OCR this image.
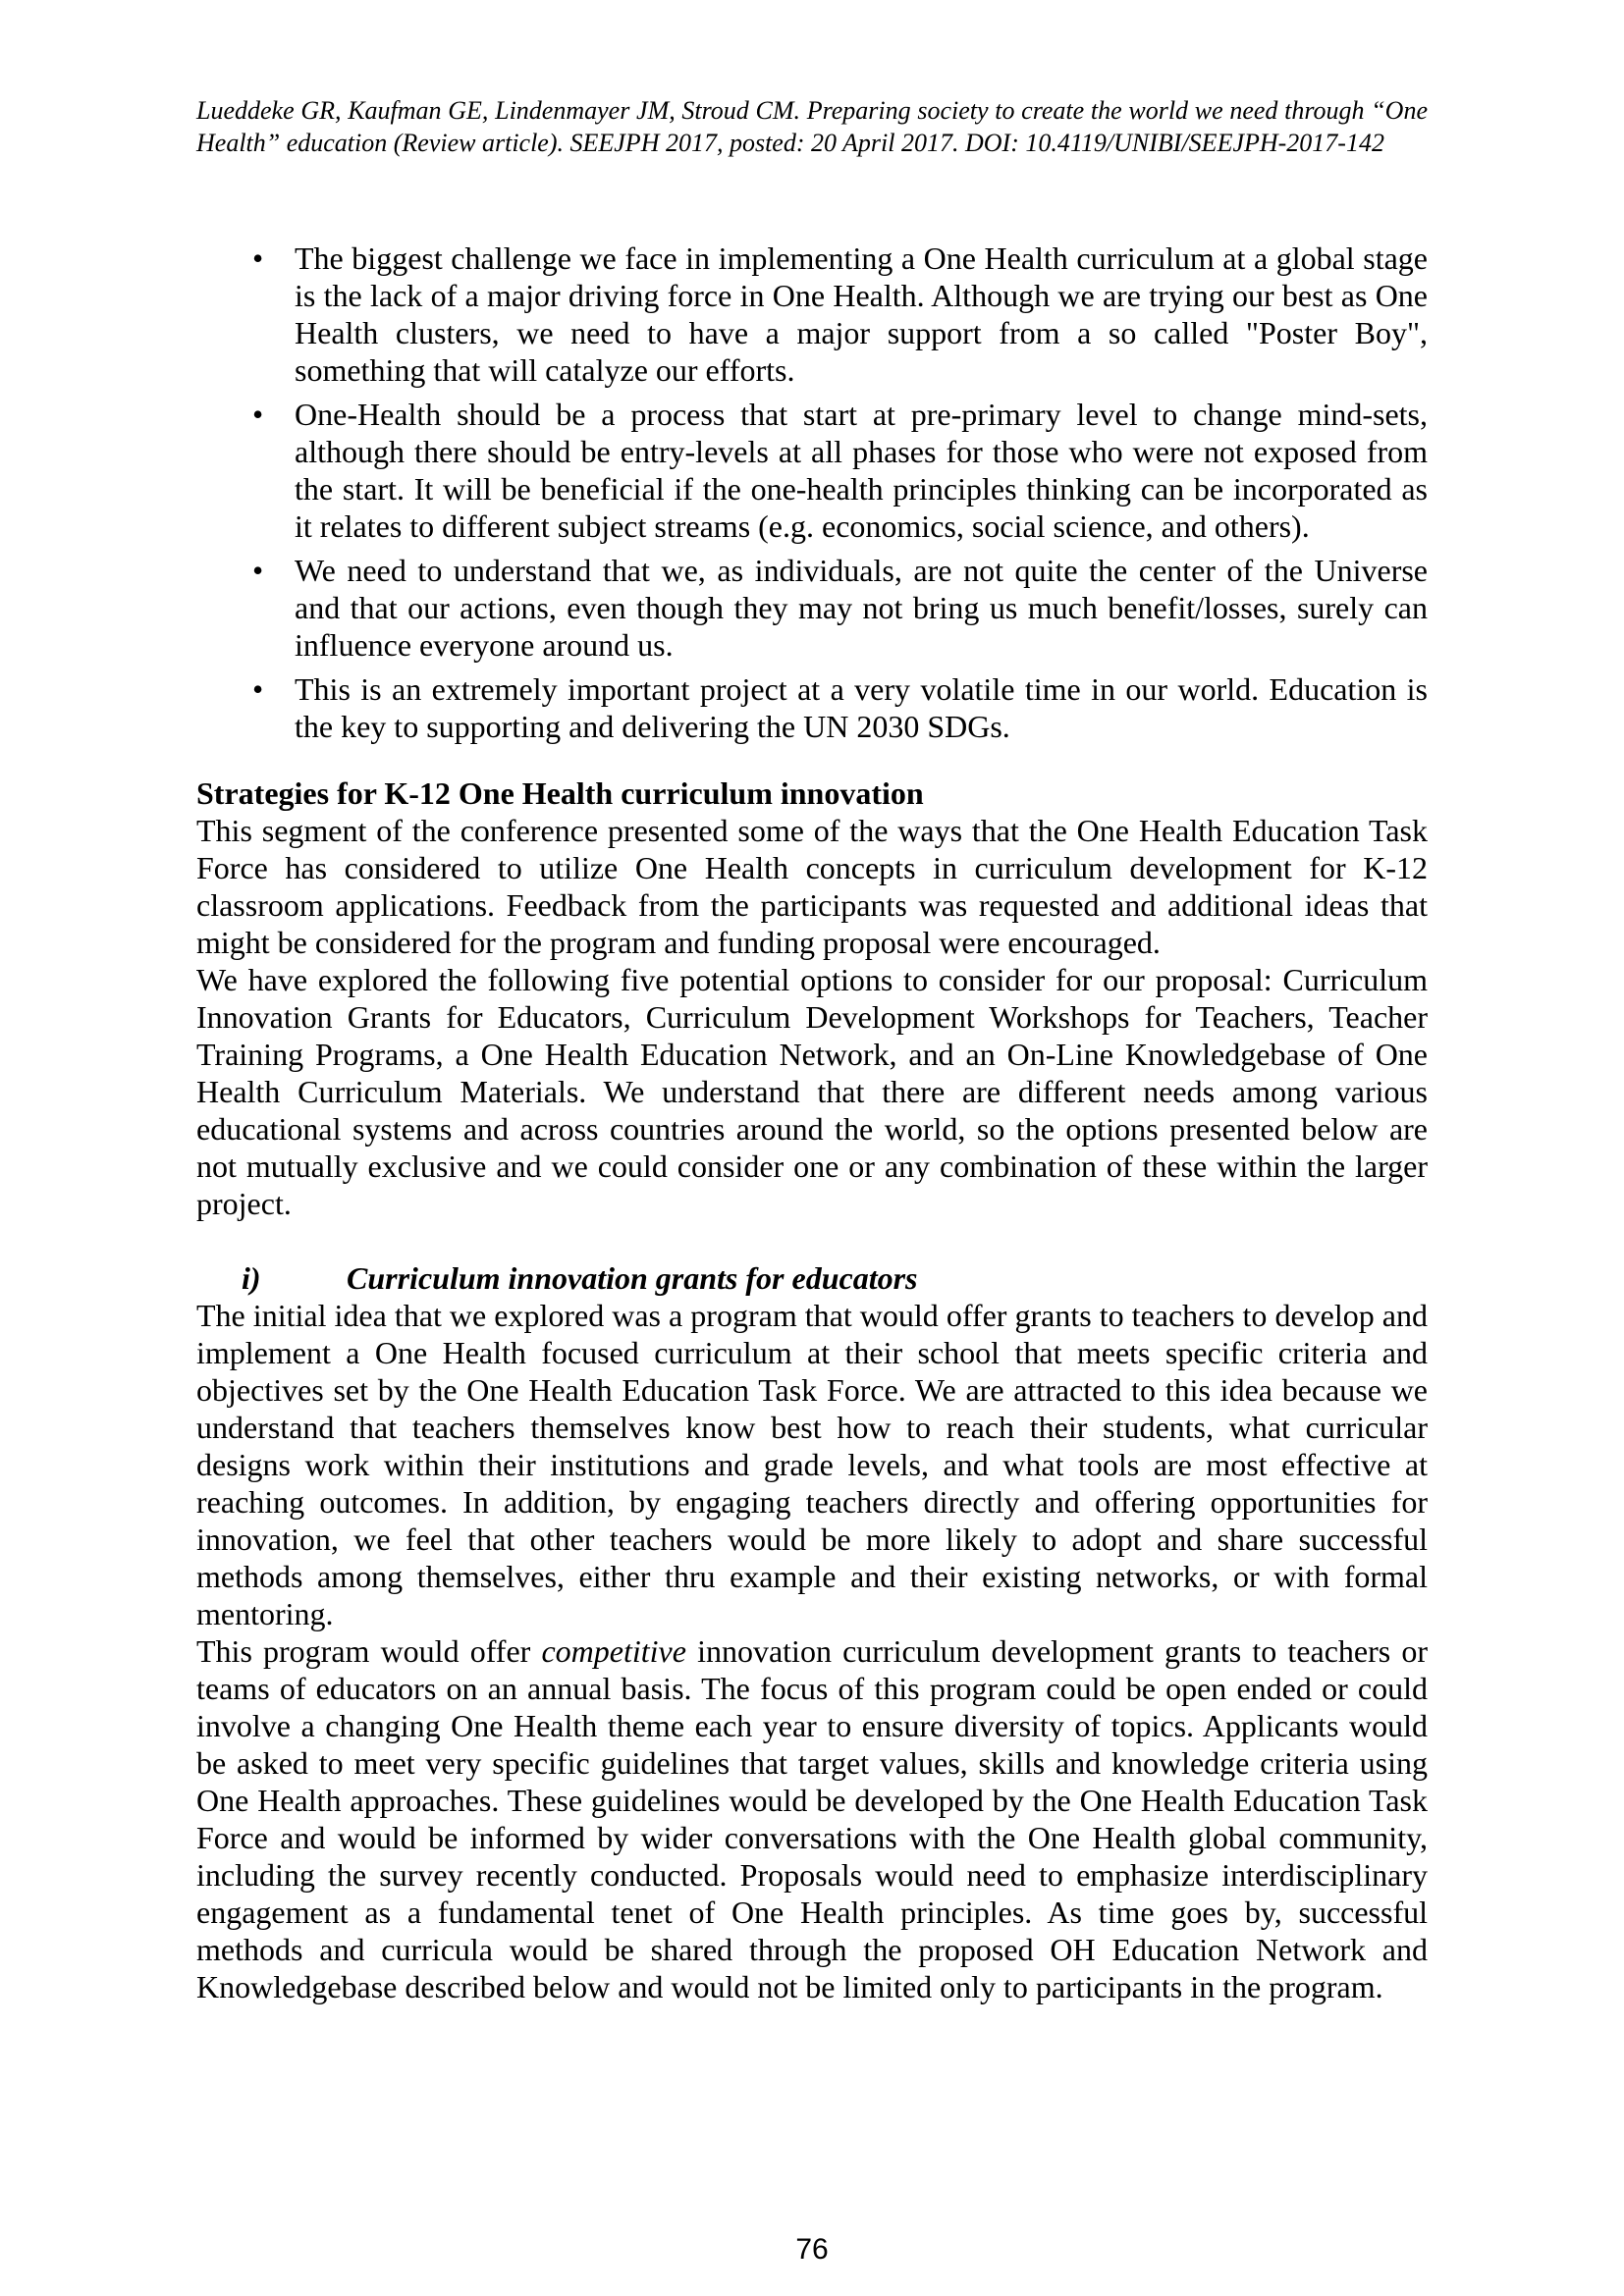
Lueddeke GR, Kaufman GE, Lindenmayer JM, Stroud CM. Preparing society to create the world we need through “One Health” education (Review article). SEEJPH 2017, posted: 20 April 2017. DOI: 10.4119/UNIBI/SEEJPH-2017-142

• The biggest challenge we face in implementing a One Health curriculum at a global stage is the lack of a major driving force in One Health. Although we are trying our best as One Health clusters, we need to have a major support from a so called "Poster Boy", something that will catalyze our efforts.
• One-Health should be a process that start at pre-primary level to change mind-sets, although there should be entry-levels at all phases for those who were not exposed from the start. It will be beneficial if the one-health principles thinking can be incorporated as it relates to different subject streams (e.g. economics, social science, and others).
• We need to understand that we, as individuals, are not quite the center of the Universe and that our actions, even though they may not bring us much benefit/losses, surely can influence everyone around us.
• This is an extremely important project at a very volatile time in our world. Education is the key to supporting and delivering the UN 2030 SDGs.
Strategies for K-12 One Health curriculum innovation

This segment of the conference presented some of the ways that the One Health Education Task Force has considered to utilize One Health concepts in curriculum development for K-12 classroom applications. Feedback from the participants was requested and additional ideas that might be considered for the program and funding proposal were encouraged.

We have explored the following five potential options to consider for our proposal: Curriculum Innovation Grants for Educators, Curriculum Development Workshops for Teachers, Teacher Training Programs, a One Health Education Network, and an On-Line Knowledgebase of One Health Curriculum Materials. We understand that there are different needs among various educational systems and across countries around the world, so the options presented below are not mutually exclusive and we could consider one or any combination of these within the larger project.

i)	Curriculum innovation grants for educators

The initial idea that we explored was a program that would offer grants to teachers to develop and implement a One Health focused curriculum at their school that meets specific criteria and objectives set by the One Health Education Task Force. We are attracted to this idea because we understand that teachers themselves know best how to reach their students, what curricular designs work within their institutions and grade levels, and what tools are most effective at reaching outcomes. In addition, by engaging teachers directly and offering opportunities for innovation, we feel that other teachers would be more likely to adopt and share successful methods among themselves, either thru example and their existing networks, or with formal mentoring.

This program would offer competitive innovation curriculum development grants to teachers or teams of educators on an annual basis. The focus of this program could be open ended or could involve a changing One Health theme each year to ensure diversity of topics. Applicants would be asked to meet very specific guidelines that target values, skills and knowledge criteria using One Health approaches. These guidelines would be developed by the One Health Education Task Force and would be informed by wider conversations with the One Health global community, including the survey recently conducted. Proposals would need to emphasize interdisciplinary engagement as a fundamental tenet of One Health principles. As time goes by, successful methods and curricula would be shared through the proposed OH Education Network and Knowledgebase described below and would not be limited only to participants in the program.

76
